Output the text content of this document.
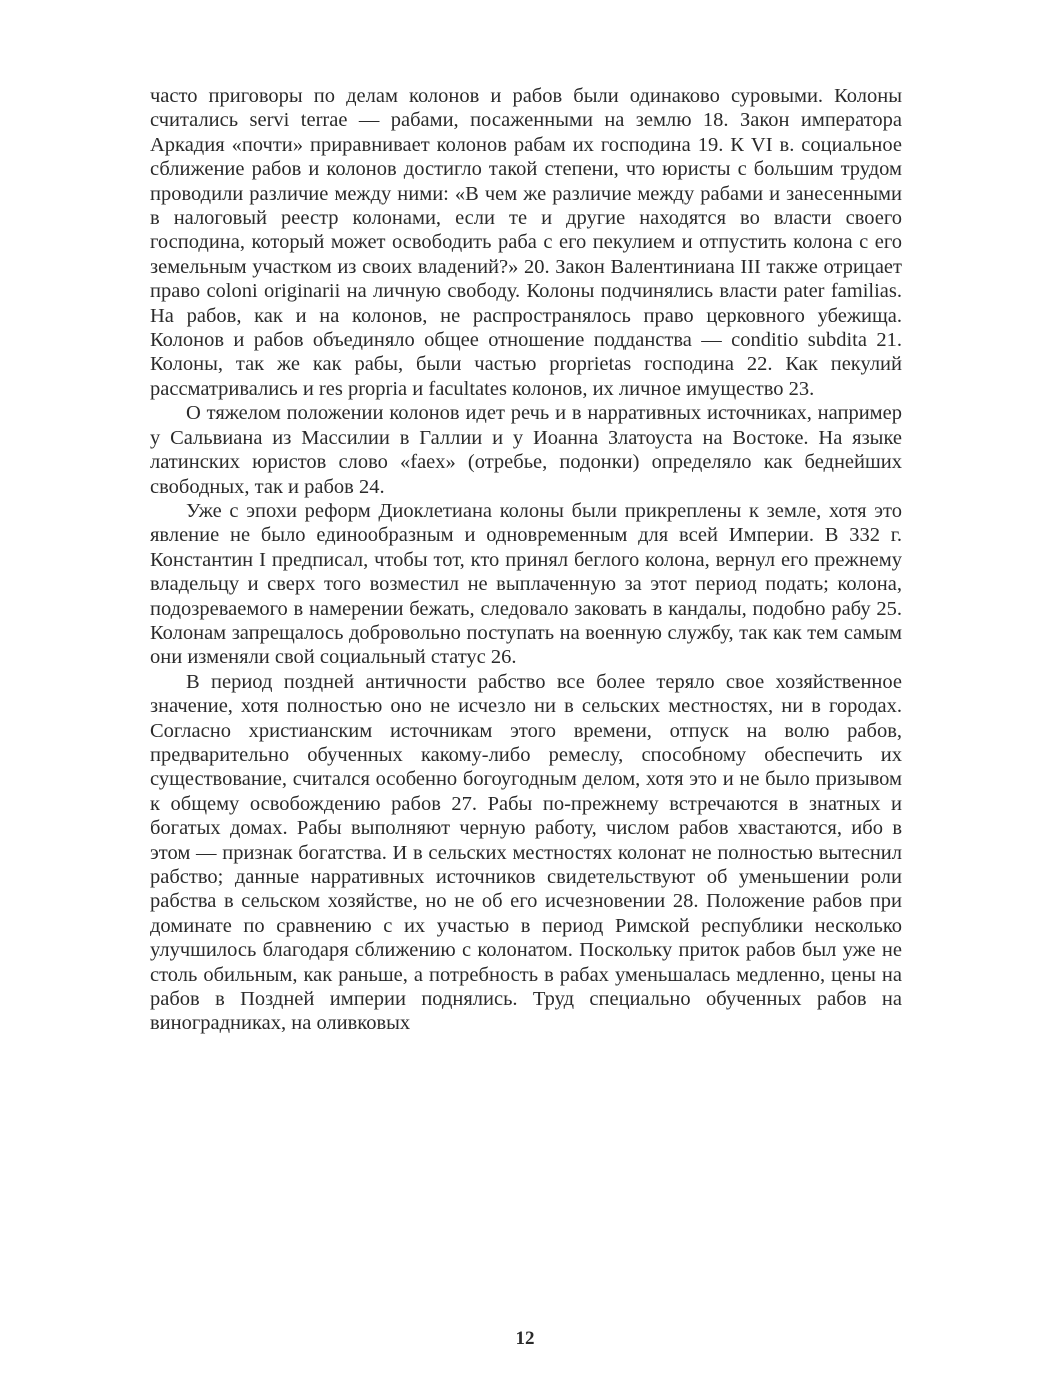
часто приговоры по делам колонов и рабов были одинаково суровыми. Колоны считались servi terrae — рабами, посаженными на землю 18. Закон императора Аркадия «почти» приравнивает колонов рабам их господина 19. К VI в. социальное сближение рабов и колонов достигло такой степени, что юристы с большим трудом проводили различие между ними: «В чем же различие между рабами и занесенными в налоговый реестр колонами, если те и другие находятся во власти своего господина, который может освободить раба с его пекулием и отпустить колона с его земельным участком из своих владений?» 20. Закон Валентиниана III также отрицает право coloni originarii на личную свободу. Колоны подчинялись власти pater familias. На рабов, как и на колонов, не распространялось право церковного убежища. Колонов и рабов объединяло общее отношение подданства — conditio subdita 21. Колоны, так же как рабы, были частью proprietas господина 22. Как пекулий рассматривались и res propria и facultates колонов, их личное имущество 23.

О тяжелом положении колонов идет речь и в нарративных источниках, например у Сальвиана из Массилии в Галлии и у Иоанна Златоуста на Востоке. На языке латинских юристов слово «faex» (отребье, подонки) определяло как беднейших свободных, так и рабов 24.

Уже с эпохи реформ Диоклетиана колоны были прикреплены к земле, хотя это явление не было единообразным и одновременным для всей Империи. В 332 г. Константин I предписал, чтобы тот, кто принял беглого колона, вернул его прежнему владельцу и сверх того возместил не выплаченную за этот период подать; колона, подозреваемого в намерении бежать, следовало заковать в кандалы, подобно рабу 25. Колонам запрещалось добровольно поступать на военную службу, так как тем самым они изменяли свой социальный статус 26.

В период поздней античности рабство все более теряло свое хозяйственное значение, хотя полностью оно не исчезло ни в сельских местностях, ни в городах. Согласно христианским источникам этого времени, отпуск на волю рабов, предварительно обученных какому-либо ремеслу, способному обеспечить их существование, считался особенно богоугодным делом, хотя это и не было призывом к общему освобождению рабов 27. Рабы по-прежнему встречаются в знатных и богатых домах. Рабы выполняют черную работу, числом рабов хвастаются, ибо в этом — признак богатства. И в сельских местностях колонат не полностью вытеснил рабство; данные нарративных источников свидетельствуют об уменьшении роли рабства в сельском хозяйстве, но не об его исчезновении 28. Положение рабов при доминате по сравнению с их участью в период Римской республики несколько улучшилось благодаря сближению с колонатом. Поскольку приток рабов был уже не столь обильным, как раньше, а потребность в рабах уменьшалась медленно, цены на рабов в Поздней империи поднялись. Труд специально обученных рабов на виноградниках, на оливковых

12
